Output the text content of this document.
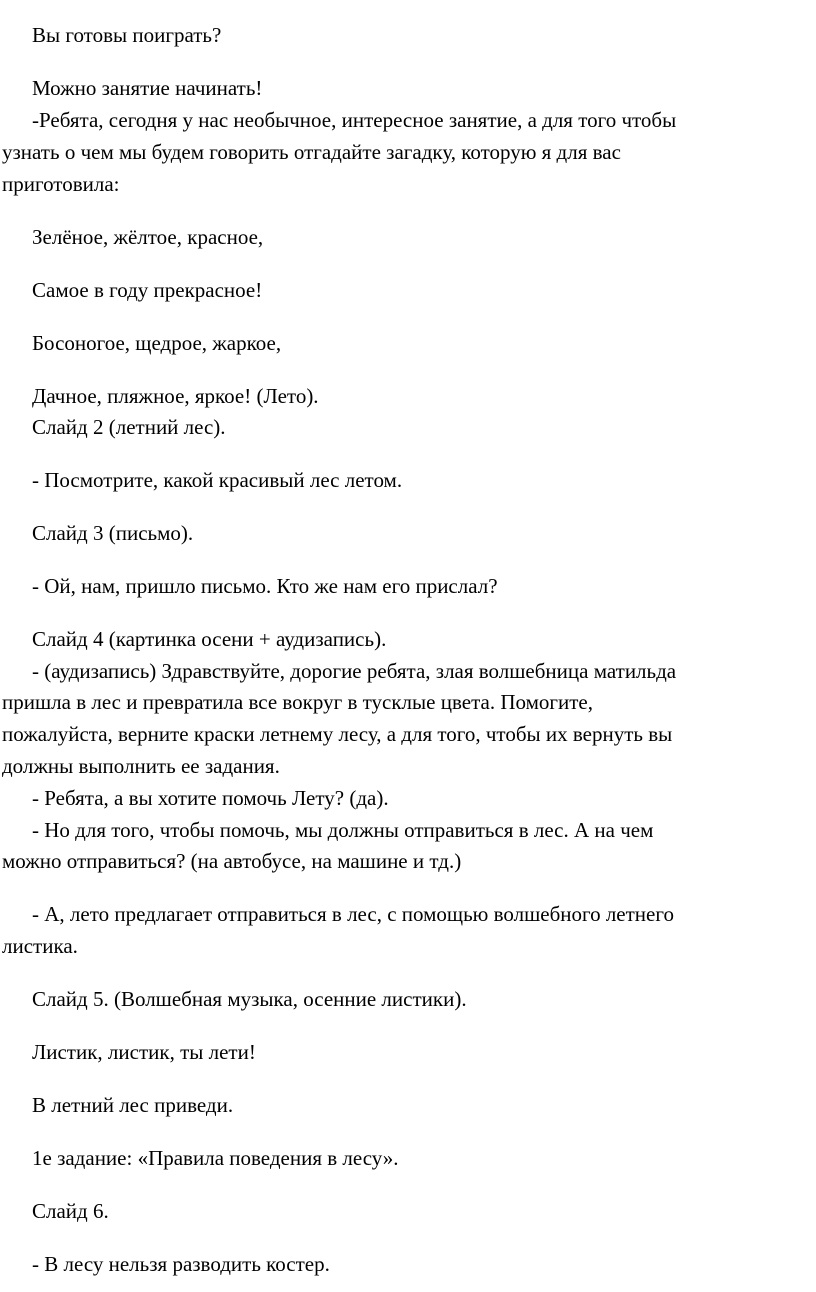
Вы готовы поиграть?
Можно занятие начинать!
-Ребята, сегодня у нас необычное, интересное занятие, а для того чтобы
узнать о чем мы будем говорить отгадайте загадку, которую я для вас
приготовила:
Зелёное, жёлтое, красное,
Самое в году прекрасное!
Босоногое, щедрое, жаркое,
Дачное, пляжное, яркое! (Лето).
Слайд 2 (летний лес).
- Посмотрите, какой красивый лес летом.
Слайд 3 (письмо).
- Ой, нам, пришло письмо. Кто же нам его прислал?
Слайд 4 (картинка осени + аудизапись).
- (аудизапись) Здравствуйте, дорогие ребята, злая волшебница матильда
пришла в лес и превратила все вокруг в тусклые цвета. Помогите,
пожалуйста, верните краски летнему лесу, а для того, чтобы их вернуть вы
должны выполнить ее задания.
- Ребята, а вы хотите помочь Лету? (да).
- Но для того, чтобы помочь, мы должны отправиться в лес. А на чем
можно отправиться? (на автобусе, на машине и тд.)
- А, лето предлагает отправиться в лес, с помощью волшебного летнего
листика.
Слайд 5. (Волшебная музыка, осенние листики).
Листик, листик, ты лети!
В летний лес приведи.
1е задание: «Правила поведения в лесу».
Слайд 6.
- В лесу нельзя разводить костер.
